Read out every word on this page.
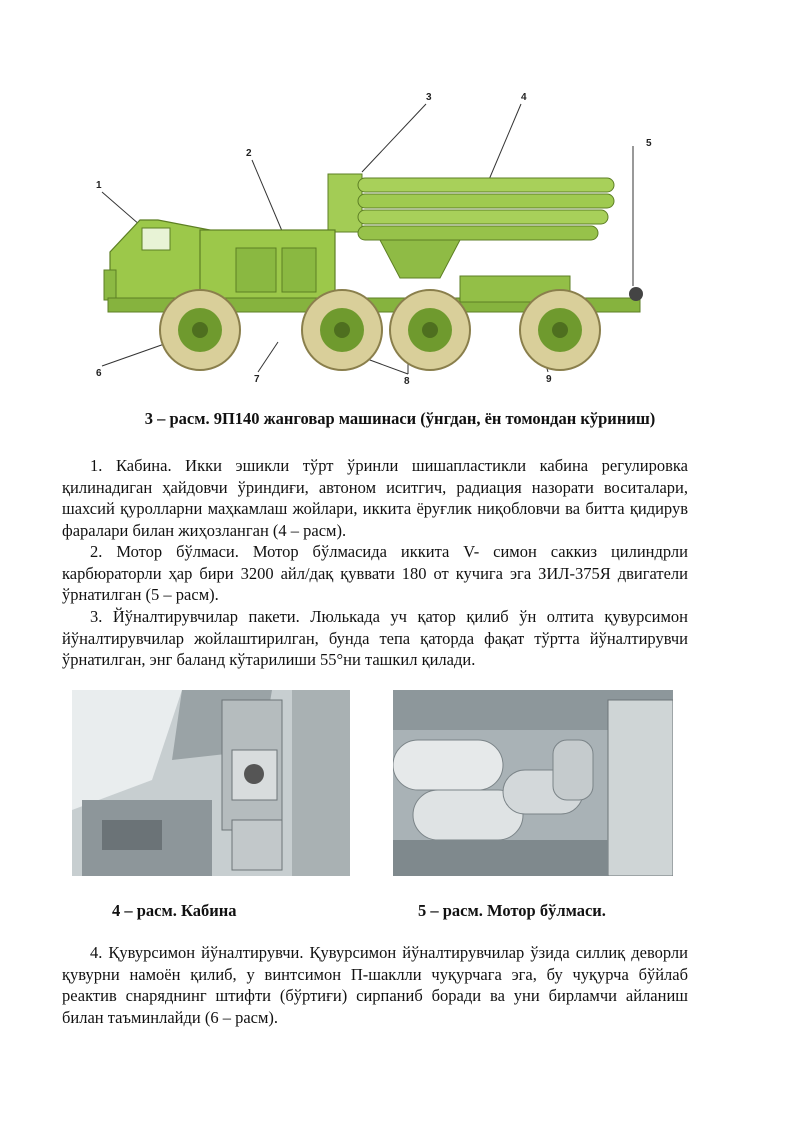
1
2
3	4
5
6
7	8	9
3 – расм. 9П140 жанговар машинаси (ўнгдан, ён томондан кўриниш)

1. Кабина. Икки эшикли тўрт ўринли шишапластикли кабина регулировка қилинадиган ҳайдовчи ўриндиғи, автоном иситгич, радиация назорати воситалари, шахсий қуролларни маҳкамлаш жойлари, иккита ёруғлик ниқобловчи ва битта қидирув фаралари билан жиҳозланган (4 – расм).

2. Мотор бўлмаси. Мотор бўлмасида иккита V- симон саккиз цилиндрли карбюраторли ҳар бири 3200 айл/дақ қуввати 180 от кучига эга ЗИЛ-375Я двигатели ўрнатилган (5 – расм).

3. Йўналтирувчилар пакети. Люлькада уч қатор қилиб ўн олтита қувурсимон йўналтирувчилар жойлаштирилган, бунда тепа қаторда фақат тўртта йўналтирувчи ўрнатилган, энг баланд кўтарилиши 55°ни ташкил қилади.

4 – расм. Кабина	5 – расм. Мотор бўлмаси.

4. Қувурсимон йўналтирувчи. Қувурсимон йўналтирувчилар ўзида силлиқ деворли қувурни намоён қилиб, у винтсимон П-шаклли чуқурчага эга, бу чуқурча бўйлаб реактив снаряднинг штифти (бўртиғи) сирпаниб боради ва уни бирламчи айланиш билан таъминлайди (6 – расм).
